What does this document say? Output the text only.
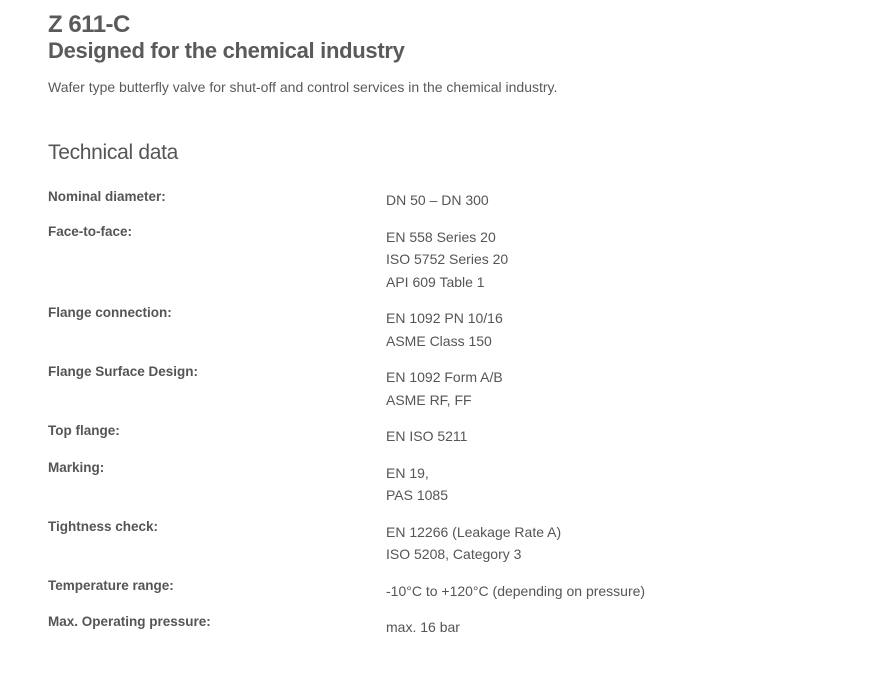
Z 611-C
Designed for the chemical industry

Wafer type butterfly valve for shut-off and control services in the chemical industry.

Technical data
Nominal diameter:	DN 50 – DN 300
Face-to-face:	EN 558 Series 20
ISO 5752 Series 20
API 609 Table 1
Flange connection:	EN 1092 PN 10/16
ASME Class 150
Flange Surface Design:	EN 1092 Form A/B
ASME RF, FF
Top flange:	EN ISO 5211
Marking:	EN 19,
PAS 1085
Tightness check:	EN 12266 (Leakage Rate A)
ISO 5208, Category 3
Temperature range:	-10°C to +120°C (depending on pressure)
Max. Operating pressure:	max. 16 bar
